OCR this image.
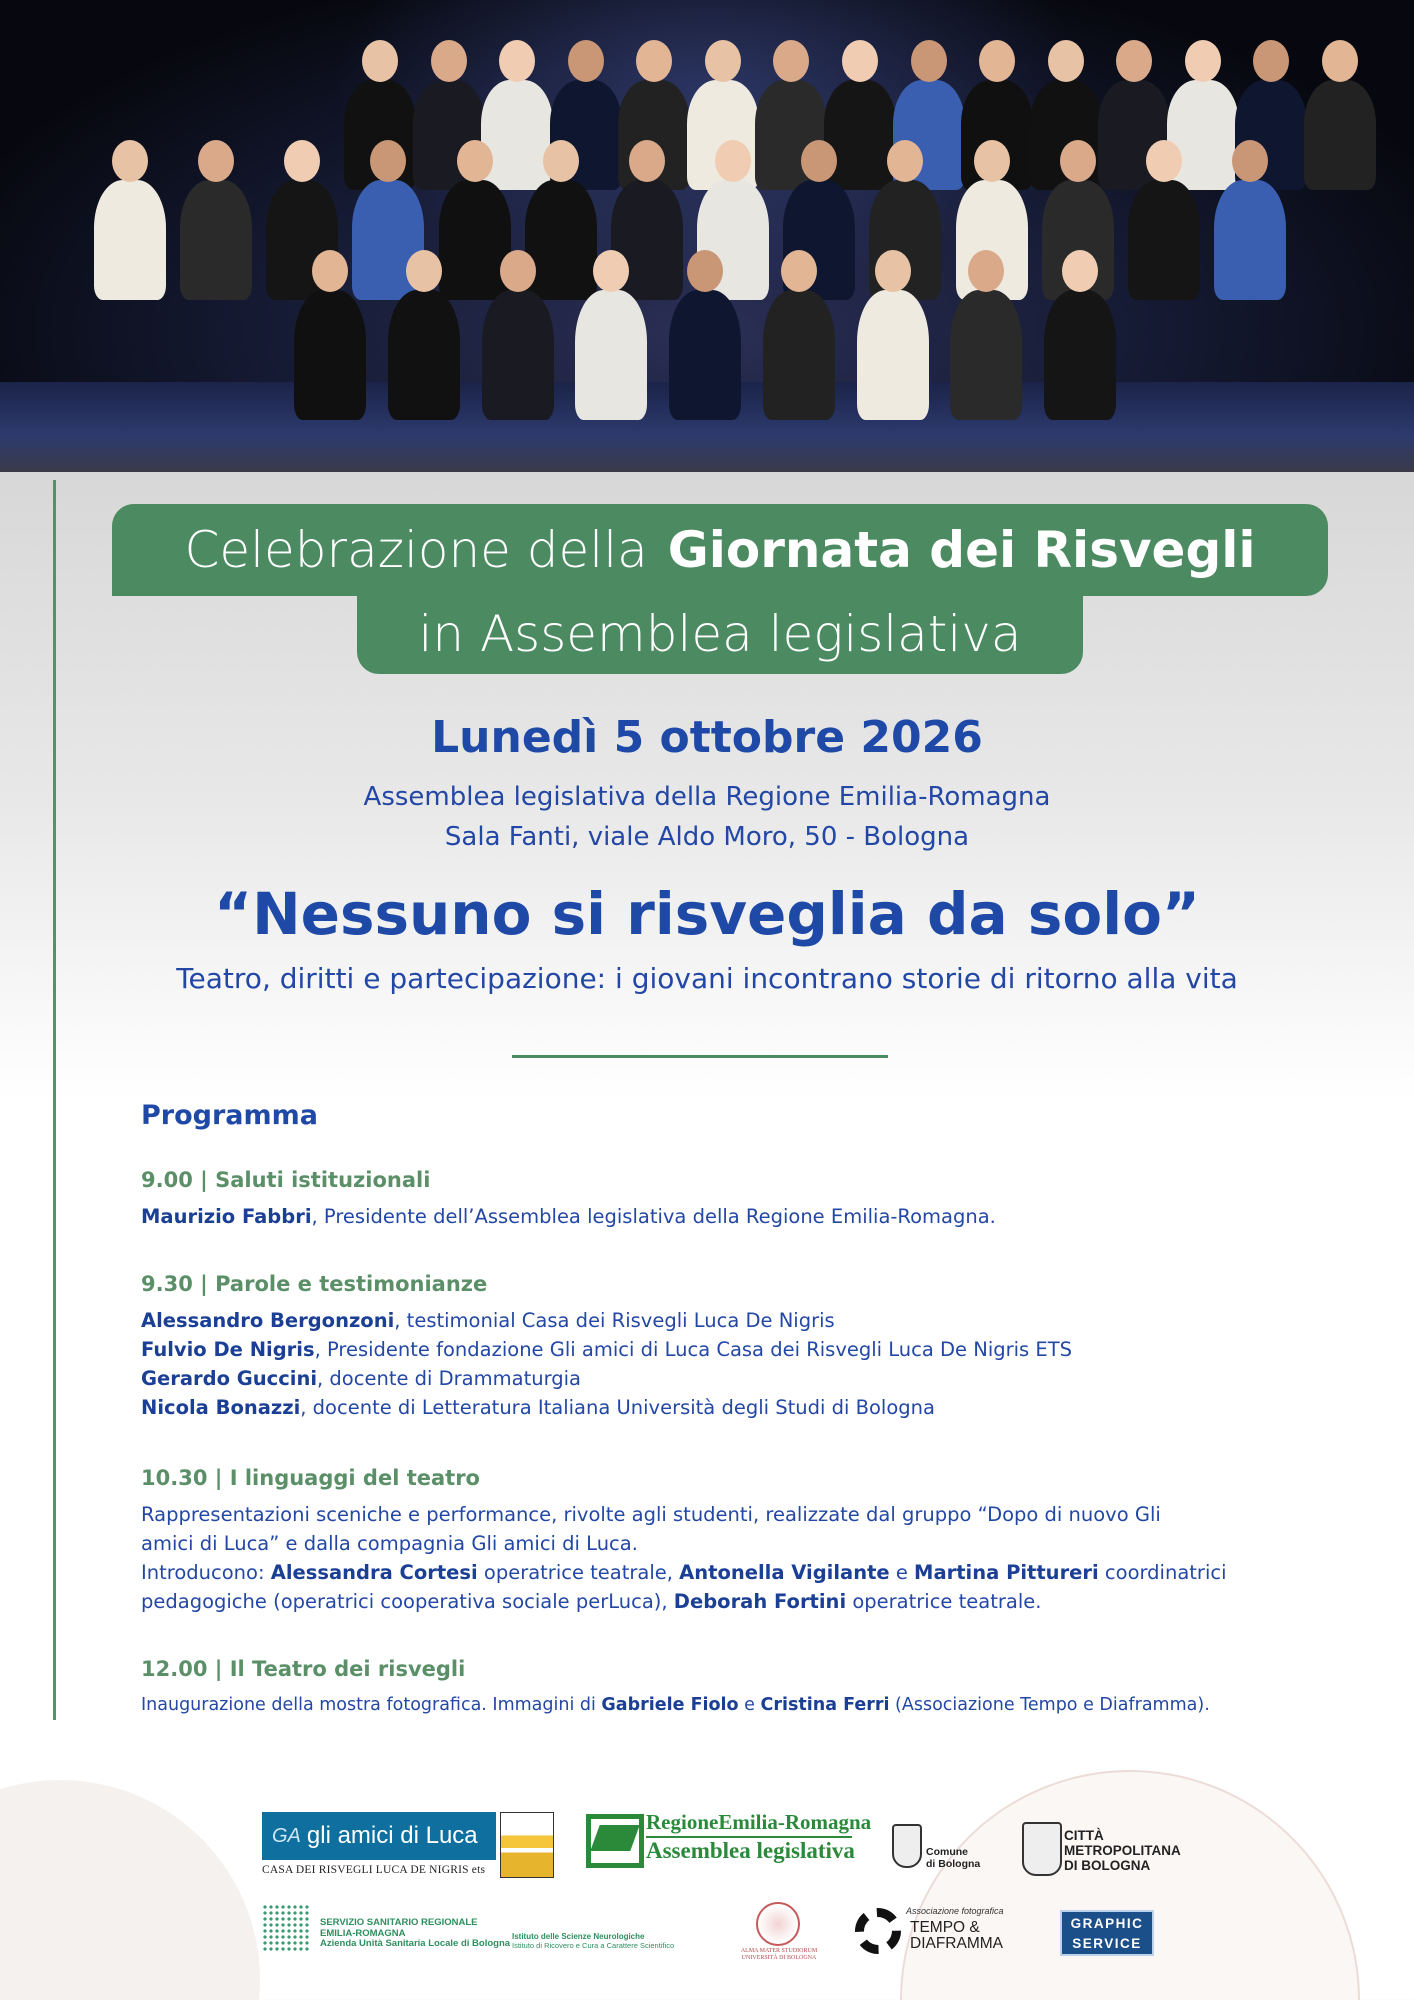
Celebrazione della Giornata dei Risvegli
in Assemblea legislativa
Lunedì 5 ottobre 2026
Assemblea legislativa della Regione Emilia-Romagna
Sala Fanti, viale Aldo Moro, 50 - Bologna
“Nessuno si risveglia da solo”
Teatro, diritti e partecipazione: i giovani incontrano storie di ritorno alla vita
Programma
9.00 | Saluti istituzionali
Maurizio Fabbri, Presidente dell’Assemblea legislativa della Regione Emilia-Romagna.
9.30 | Parole e testimonianze
Alessandro Bergonzoni, testimonial Casa dei Risvegli Luca De Nigris
Fulvio De Nigris, Presidente fondazione Gli amici di Luca Casa dei Risvegli Luca De Nigris ETS
Gerardo Guccini, docente di Drammaturgia
Nicola Bonazzi, docente di Letteratura Italiana Università degli Studi di Bologna
10.30 | I linguaggi del teatro
Rappresentazioni sceniche e performance, rivolte agli studenti, realizzate dal gruppo “Dopo di nuovo Gli
amici di Luca” e dalla compagnia Gli amici di Luca.
Introducono: Alessandra Cortesi operatrice teatrale, Antonella Vigilante e Martina Pittureri coordinatrici
pedagogiche (operatrici cooperativa sociale perLuca), Deborah Fortini operatrice teatrale.
12.00 | Il Teatro dei risvegli
Inaugurazione della mostra fotografica. Immagini di Gabriele Fiolo e Cristina Ferri (Associazione Tempo e Diaframma).
GA gli amici di Luca
CASA DEI RISVEGLI LUCA DE NIGRIS ets
RegioneEmilia-Romagna
Assemblea legislativa	Comune
di Bologna
CITTÀ
METROPOLITANA
DI BOLOGNA
SERVIZIO SANITARIO REGIONALE
EMILIA-ROMAGNA
Azienda Unità Sanitaria Locale di Bologna
Istituto delle Scienze Neurologiche
Istituto di Ricovero e Cura a Carattere Scientifico
ALMA MATER STUDIORUM
UNIVERSITÀ DI BOLOGNA
Associazione fotografica
TEMPO &
DIAFRAMMA
GRAPHIC
SERVICE
